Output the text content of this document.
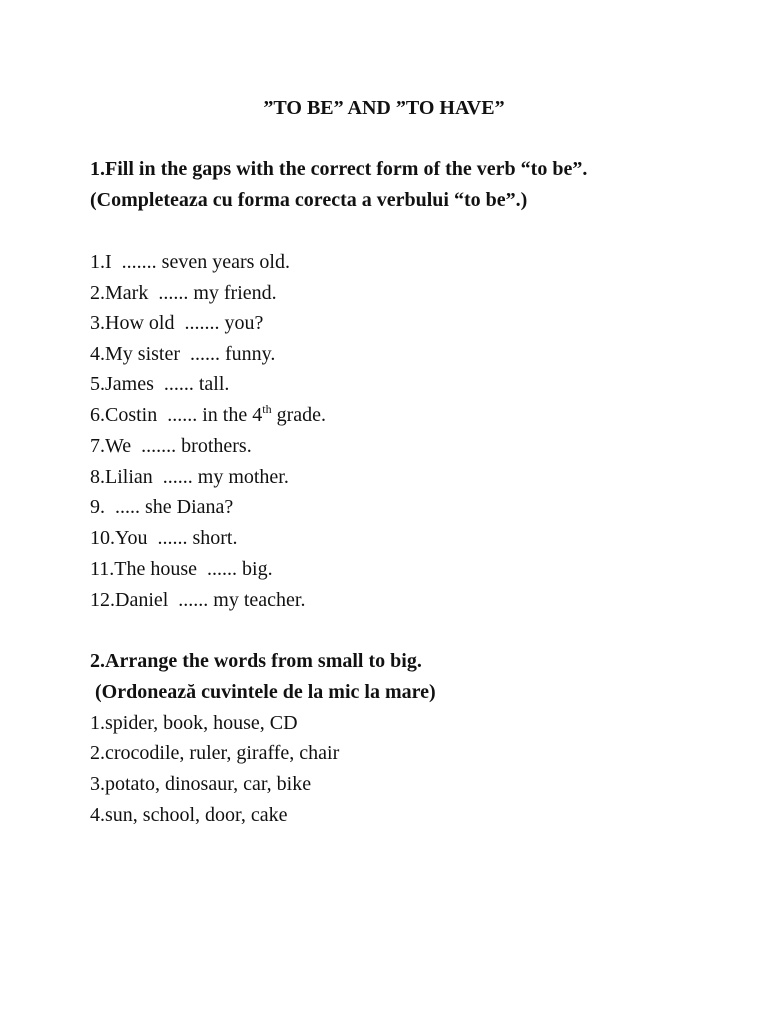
”TO BE” AND ”TO HAVE”
1.Fill in the gaps with the correct form of the verb “to be”.
(Completeaza cu forma corecta a verbului “to be”.)
1.I  ....... seven years old.
2.Mark  ...... my friend.
3.How old  ....... you?
4.My sister  ...... funny.
5.James  ...... tall.
6.Costin  ...... in the 4th grade.
7.We  ....... brothers.
8.Lilian  ...... my mother.
9.  ..... she Diana?
10.You  ...... short.
11.The house  ...... big.
12.Daniel  ...... my teacher.
2.Arrange the words from small to big.
(Ordonează cuvintele de la mic la mare)
1.spider, book, house, CD
2.crocodile, ruler, giraffe, chair
3.potato, dinosaur, car, bike
4.sun, school, door, cake
